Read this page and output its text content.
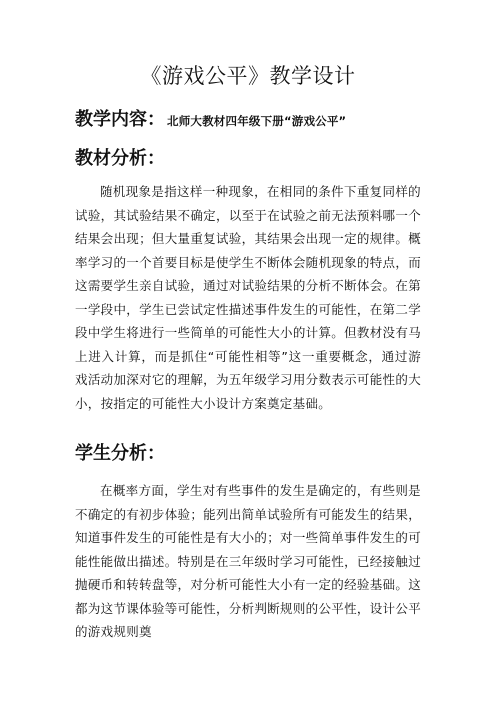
《游戏公平》教学设计
教学内容： 北师大教材四年级下册“游戏公平”
教材分析：

随机现象是指这样一种现象，在相同的条件下重复同样的试验，其试验结果不确定，以至于在试验之前无法预料哪一个结果会出现；但大量重复试验，其结果会出现一定的规律。概率学习的一个首要目标是使学生不断体会随机现象的特点，而这需要学生亲自试验，通过对试验结果的分析不断体会。在第一学段中，学生已尝试定性描述事件发生的可能性，在第二学段中学生将进行一些简单的可能性大小的计算。但教材没有马上进入计算，而是抓住“可能性相等”这一重要概念，通过游戏活动加深对它的理解，为五年级学习用分数表示可能性的大小，按指定的可能性大小设计方案奠定基础。

学生分析：

在概率方面，学生对有些事件的发生是确定的，有些则是不确定的有初步体验；能列出简单试验所有可能发生的结果，知道事件发生的可能性是有大小的；对一些简单事件发生的可能性能做出描述。特别是在三年级时学习可能性，已经接触过抛硬币和转转盘等，对分析可能性大小有一定的经验基础。这都为这节课体验等可能性，分析判断规则的公平性，设计公平的游戏规则奠
